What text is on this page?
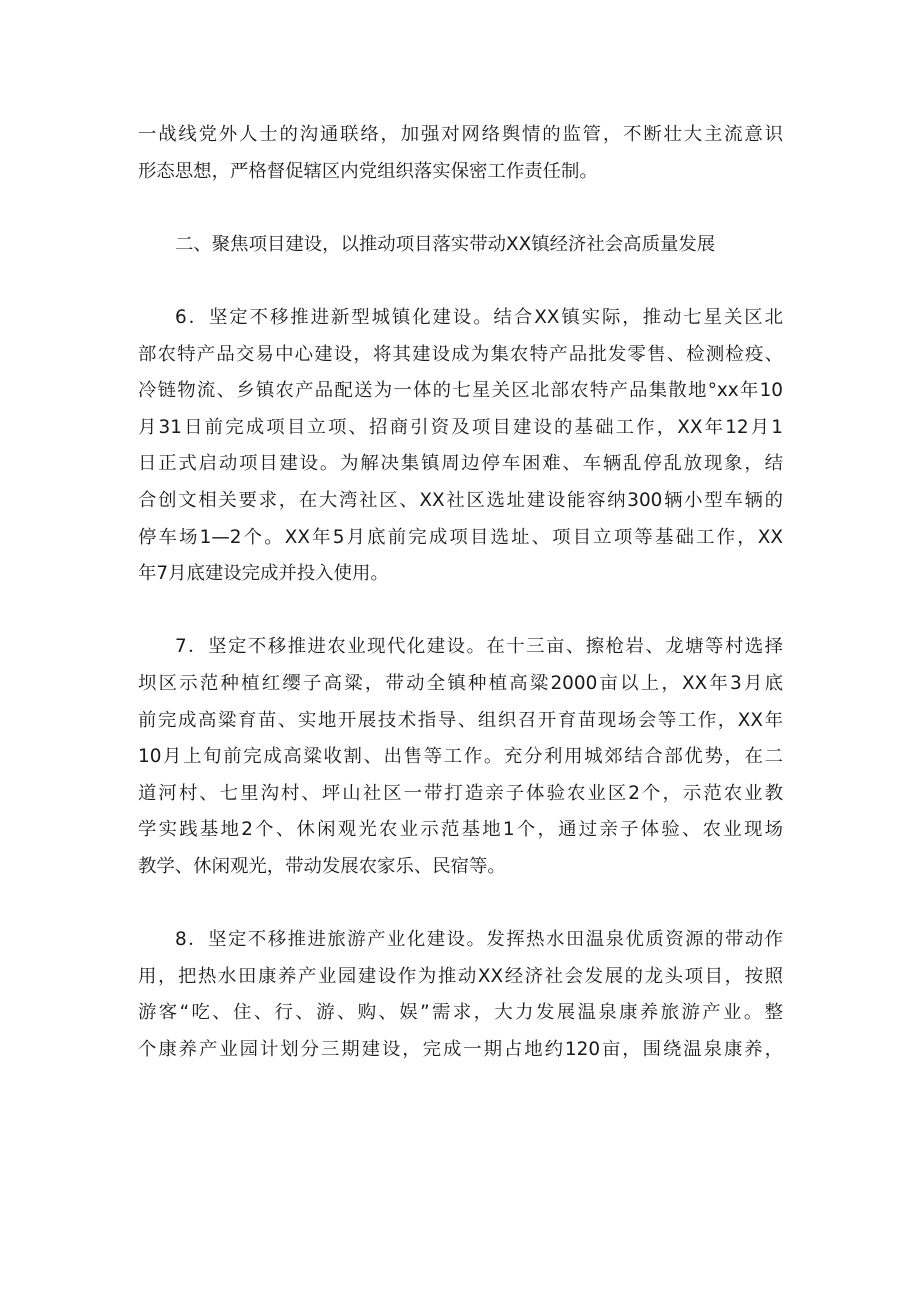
一战线党外人士的沟通联络，加强对网络舆情的监管，不断壮大主流意识
形态思想，严格督促辖区内党组织落实保密工作责任制。
二、聚焦项目建设，以推动项目落实带动XX镇经济社会高质量发展
6．坚定不移推进新型城镇化建设。结合XX镇实际，推动七星关区北
部农特产品交易中心建设，将其建设成为集农特产品批发零售、检测检疫、
冷链物流、乡镇农产品配送为一体的七星关区北部农特产品集散地°xx年10
月31日前完成项目立项、招商引资及项目建设的基础工作，XX年12月1
日正式启动项目建设。为解决集镇周边停车困难、车辆乱停乱放现象，结
合创文相关要求，在大湾社区、XX社区选址建设能容纳300辆小型车辆的
停车场1—2个。XX年5月底前完成项目选址、项目立项等基础工作，XX
年7月底建设完成并投入使用。
7．坚定不移推进农业现代化建设。在十三亩、擦枪岩、龙塘等村选择
坝区示范种植红缨子高粱，带动全镇种植高粱2000亩以上，XX年3月底
前完成高粱育苗、实地开展技术指导、组织召开育苗现场会等工作，XX年
10月上旬前完成高粱收割、出售等工作。充分利用城郊结合部优势，在二
道河村、七里沟村、坪山社区一带打造亲子体验农业区2个，示范农业教
学实践基地2个、休闲观光农业示范基地1个，通过亲子体验、农业现场
教学、休闲观光，带动发展农家乐、民宿等。
8．坚定不移推进旅游产业化建设。发挥热水田温泉优质资源的带动作
用，把热水田康养产业园建设作为推动XX经济社会发展的龙头项目，按照
游客“吃、住、行、游、购、娱”需求，大力发展温泉康养旅游产业。整
个康养产业园计划分三期建设，完成一期占地约120亩，围绕温泉康养，
